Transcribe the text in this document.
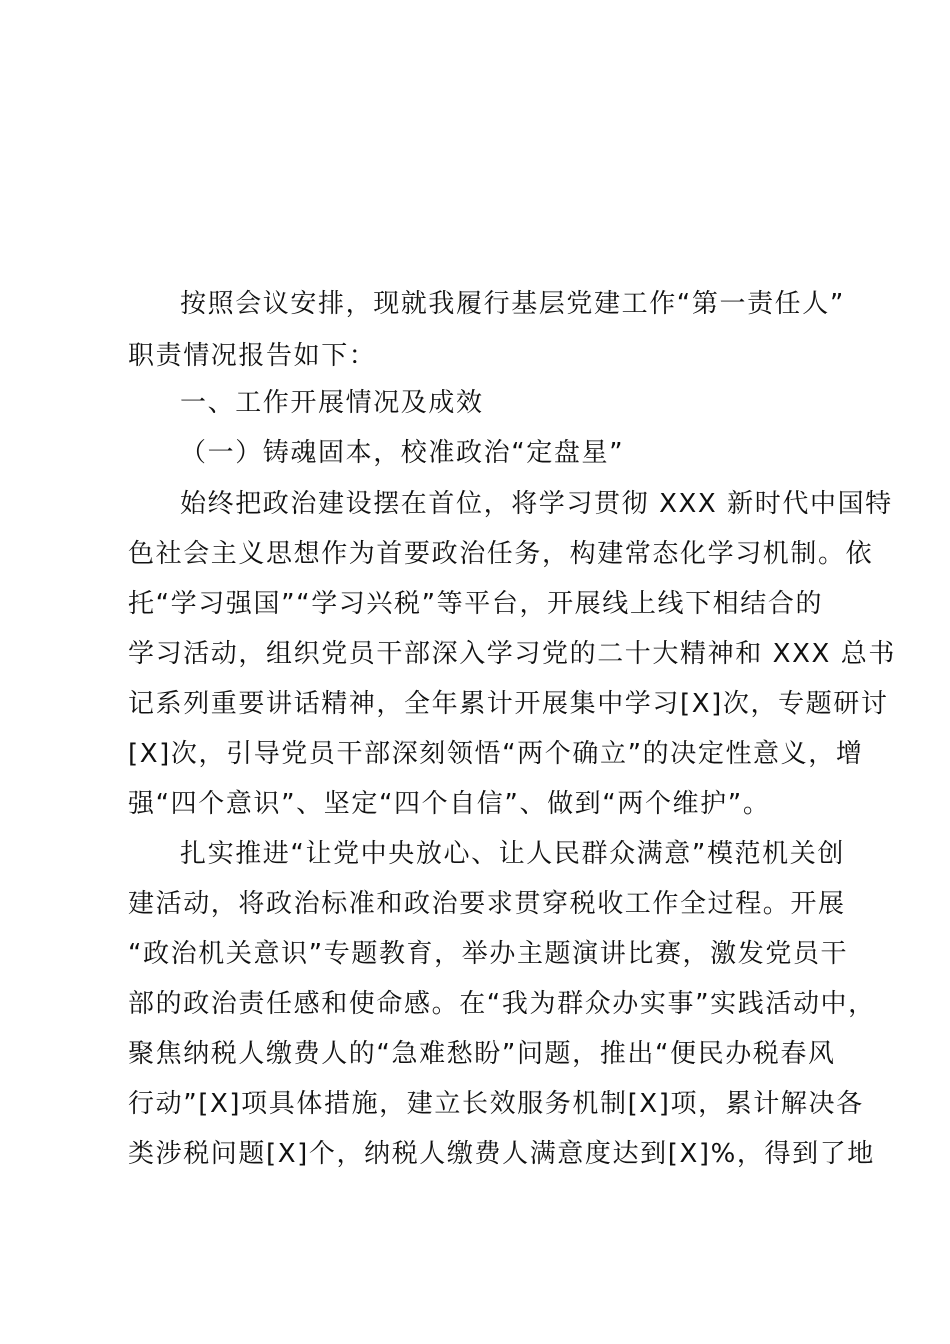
按照会议安排，现就我履行基层党建工作“第一责任人”
职责情况报告如下：
一、工作开展情况及成效
（一）铸魂固本，校准政治“定盘星”
始终把政治建设摆在首位，将学习贯彻 XXX 新时代中国特
色社会主义思想作为首要政治任务，构建常态化学习机制。依
托“学习强国”“学习兴税”等平台，开展线上线下相结合的
学习活动，组织党员干部深入学习党的二十大精神和 XXX 总书
记系列重要讲话精神，全年累计开展集中学习[X]次，专题研讨
[X]次，引导党员干部深刻领悟“两个确立”的决定性意义，增
强“四个意识”、坚定“四个自信”、做到“两个维护”。
扎实推进“让党中央放心、让人民群众满意”模范机关创
建活动，将政治标准和政治要求贯穿税收工作全过程。开展
“政治机关意识”专题教育，举办主题演讲比赛，激发党员干
部的政治责任感和使命感。在“我为群众办实事”实践活动中，
聚焦纳税人缴费人的“急难愁盼”问题，推出“便民办税春风
行动”[X]项具体措施，建立长效服务机制[X]项，累计解决各
类涉税问题[X]个，纳税人缴费人满意度达到[X]%，得到了地
